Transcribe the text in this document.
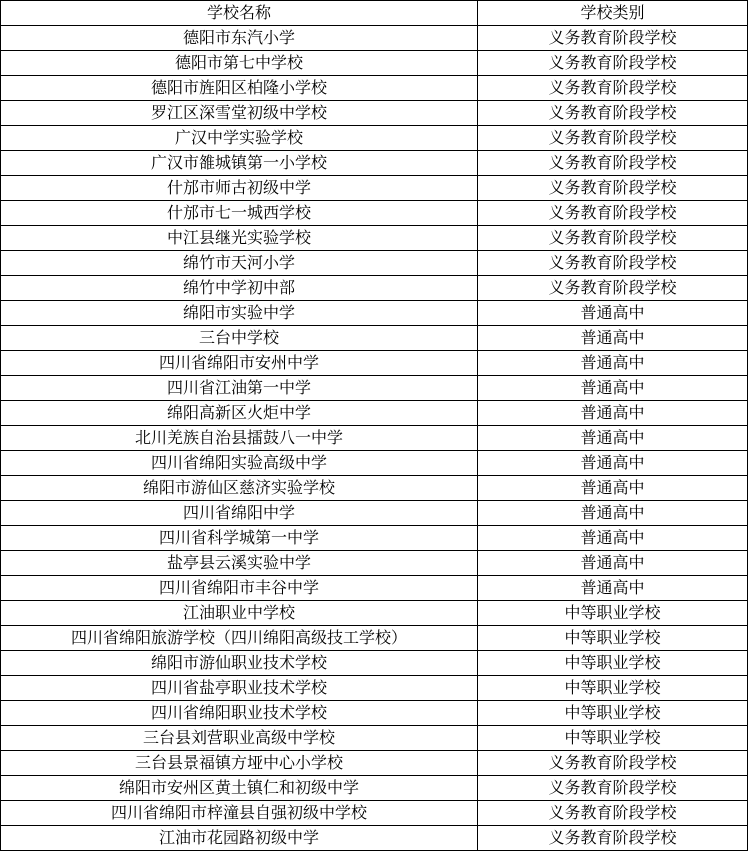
学校名称	学校类别
德阳市东汽小学	义务教育阶段学校
德阳市第七中学校	义务教育阶段学校
德阳市旌阳区柏隆小学校	义务教育阶段学校
罗江区深雪堂初级中学校	义务教育阶段学校
广汉中学实验学校	义务教育阶段学校
广汉市雒城镇第一小学校	义务教育阶段学校
什邡市师古初级中学	义务教育阶段学校
什邡市七一城西学校	义务教育阶段学校
中江县继光实验学校	义务教育阶段学校
绵竹市天河小学	义务教育阶段学校
绵竹中学初中部	义务教育阶段学校
绵阳市实验中学	普通高中
三台中学校	普通高中
四川省绵阳市安州中学	普通高中
四川省江油第一中学	普通高中
绵阳高新区火炬中学	普通高中
北川羌族自治县擂鼓八一中学	普通高中
四川省绵阳实验高级中学	普通高中
绵阳市游仙区慈济实验学校	普通高中
四川省绵阳中学	普通高中
四川省科学城第一中学	普通高中
盐亭县云溪实验中学	普通高中
四川省绵阳市丰谷中学	普通高中
江油职业中学校	中等职业学校
四川省绵阳旅游学校（四川绵阳高级技工学校）	中等职业学校
绵阳市游仙职业技术学校	中等职业学校
四川省盐亭职业技术学校	中等职业学校
四川省绵阳职业技术学校	中等职业学校
三台县刘营职业高级中学校	中等职业学校
三台县景福镇方垭中心小学校	义务教育阶段学校
绵阳市安州区黄土镇仁和初级中学	义务教育阶段学校
四川省绵阳市梓潼县自强初级中学校	义务教育阶段学校
江油市花园路初级中学	义务教育阶段学校
